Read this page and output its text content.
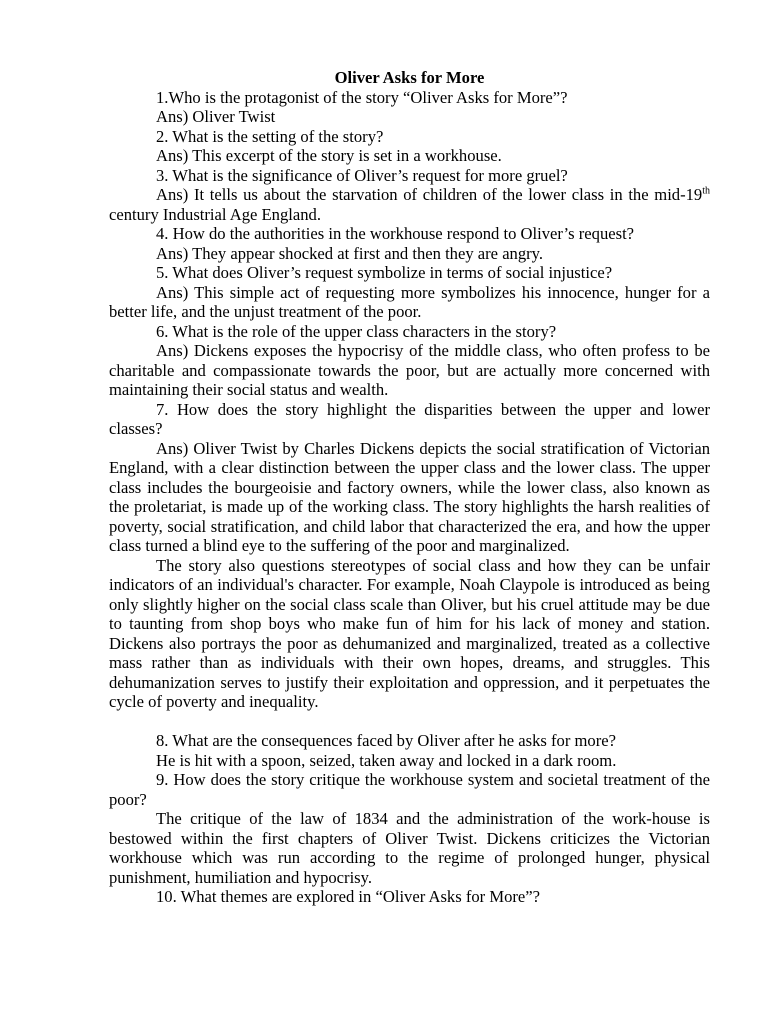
Oliver Asks for More

1.Who is the protagonist of the story “Oliver Asks for More”?

Ans) Oliver Twist

2. What is the setting of the story?

Ans) This excerpt of the story is set in a workhouse.

3. What is the significance of Oliver’s request for more gruel?

Ans) It tells us about the starvation of children of the lower class in the mid-19th century Industrial Age England.

4. How do the authorities in the workhouse respond to Oliver’s request?

Ans) They appear shocked at first and then they are angry.

5. What does Oliver’s request symbolize in terms of social injustice?

Ans) This simple act of requesting more symbolizes his innocence, hunger for a better life, and the unjust treatment of the poor.

6. What is the role of the upper class characters in the story?

Ans) Dickens exposes the hypocrisy of the middle class, who often profess to be charitable and compassionate towards the poor, but are actually more concerned with maintaining their social status and wealth.

7. How does the story highlight the disparities between the upper and lower classes?

Ans) Oliver Twist by Charles Dickens depicts the social stratification of Victorian England, with a clear distinction between the upper class and the lower class. The upper class includes the bourgeoisie and factory owners, while the lower class, also known as the proletariat, is made up of the working class. The story highlights the harsh realities of poverty, social stratification, and child labor that characterized the era, and how the upper class turned a blind eye to the suffering of the poor and marginalized.

The story also questions stereotypes of social class and how they can be unfair indicators of an individual's character. For example, Noah Claypole is introduced as being only slightly higher on the social class scale than Oliver, but his cruel attitude may be due to taunting from shop boys who make fun of him for his lack of money and station. Dickens also portrays the poor as dehumanized and marginalized, treated as a collective mass rather than as individuals with their own hopes, dreams, and struggles. This dehumanization serves to justify their exploitation and oppression, and it perpetuates the cycle of poverty and inequality.

8. What are the consequences faced by Oliver after he asks for more?

He is hit with a spoon, seized, taken away and locked in a dark room.

9. How does the story critique the workhouse system and societal treatment of the poor?

The critique of the law of 1834 and the administration of the work-house is bestowed within the first chapters of Oliver Twist. Dickens criticizes the Victorian workhouse which was run according to the regime of prolonged hunger, physical punishment, humiliation and hypocrisy.

10. What themes are explored in “Oliver Asks for More”?
